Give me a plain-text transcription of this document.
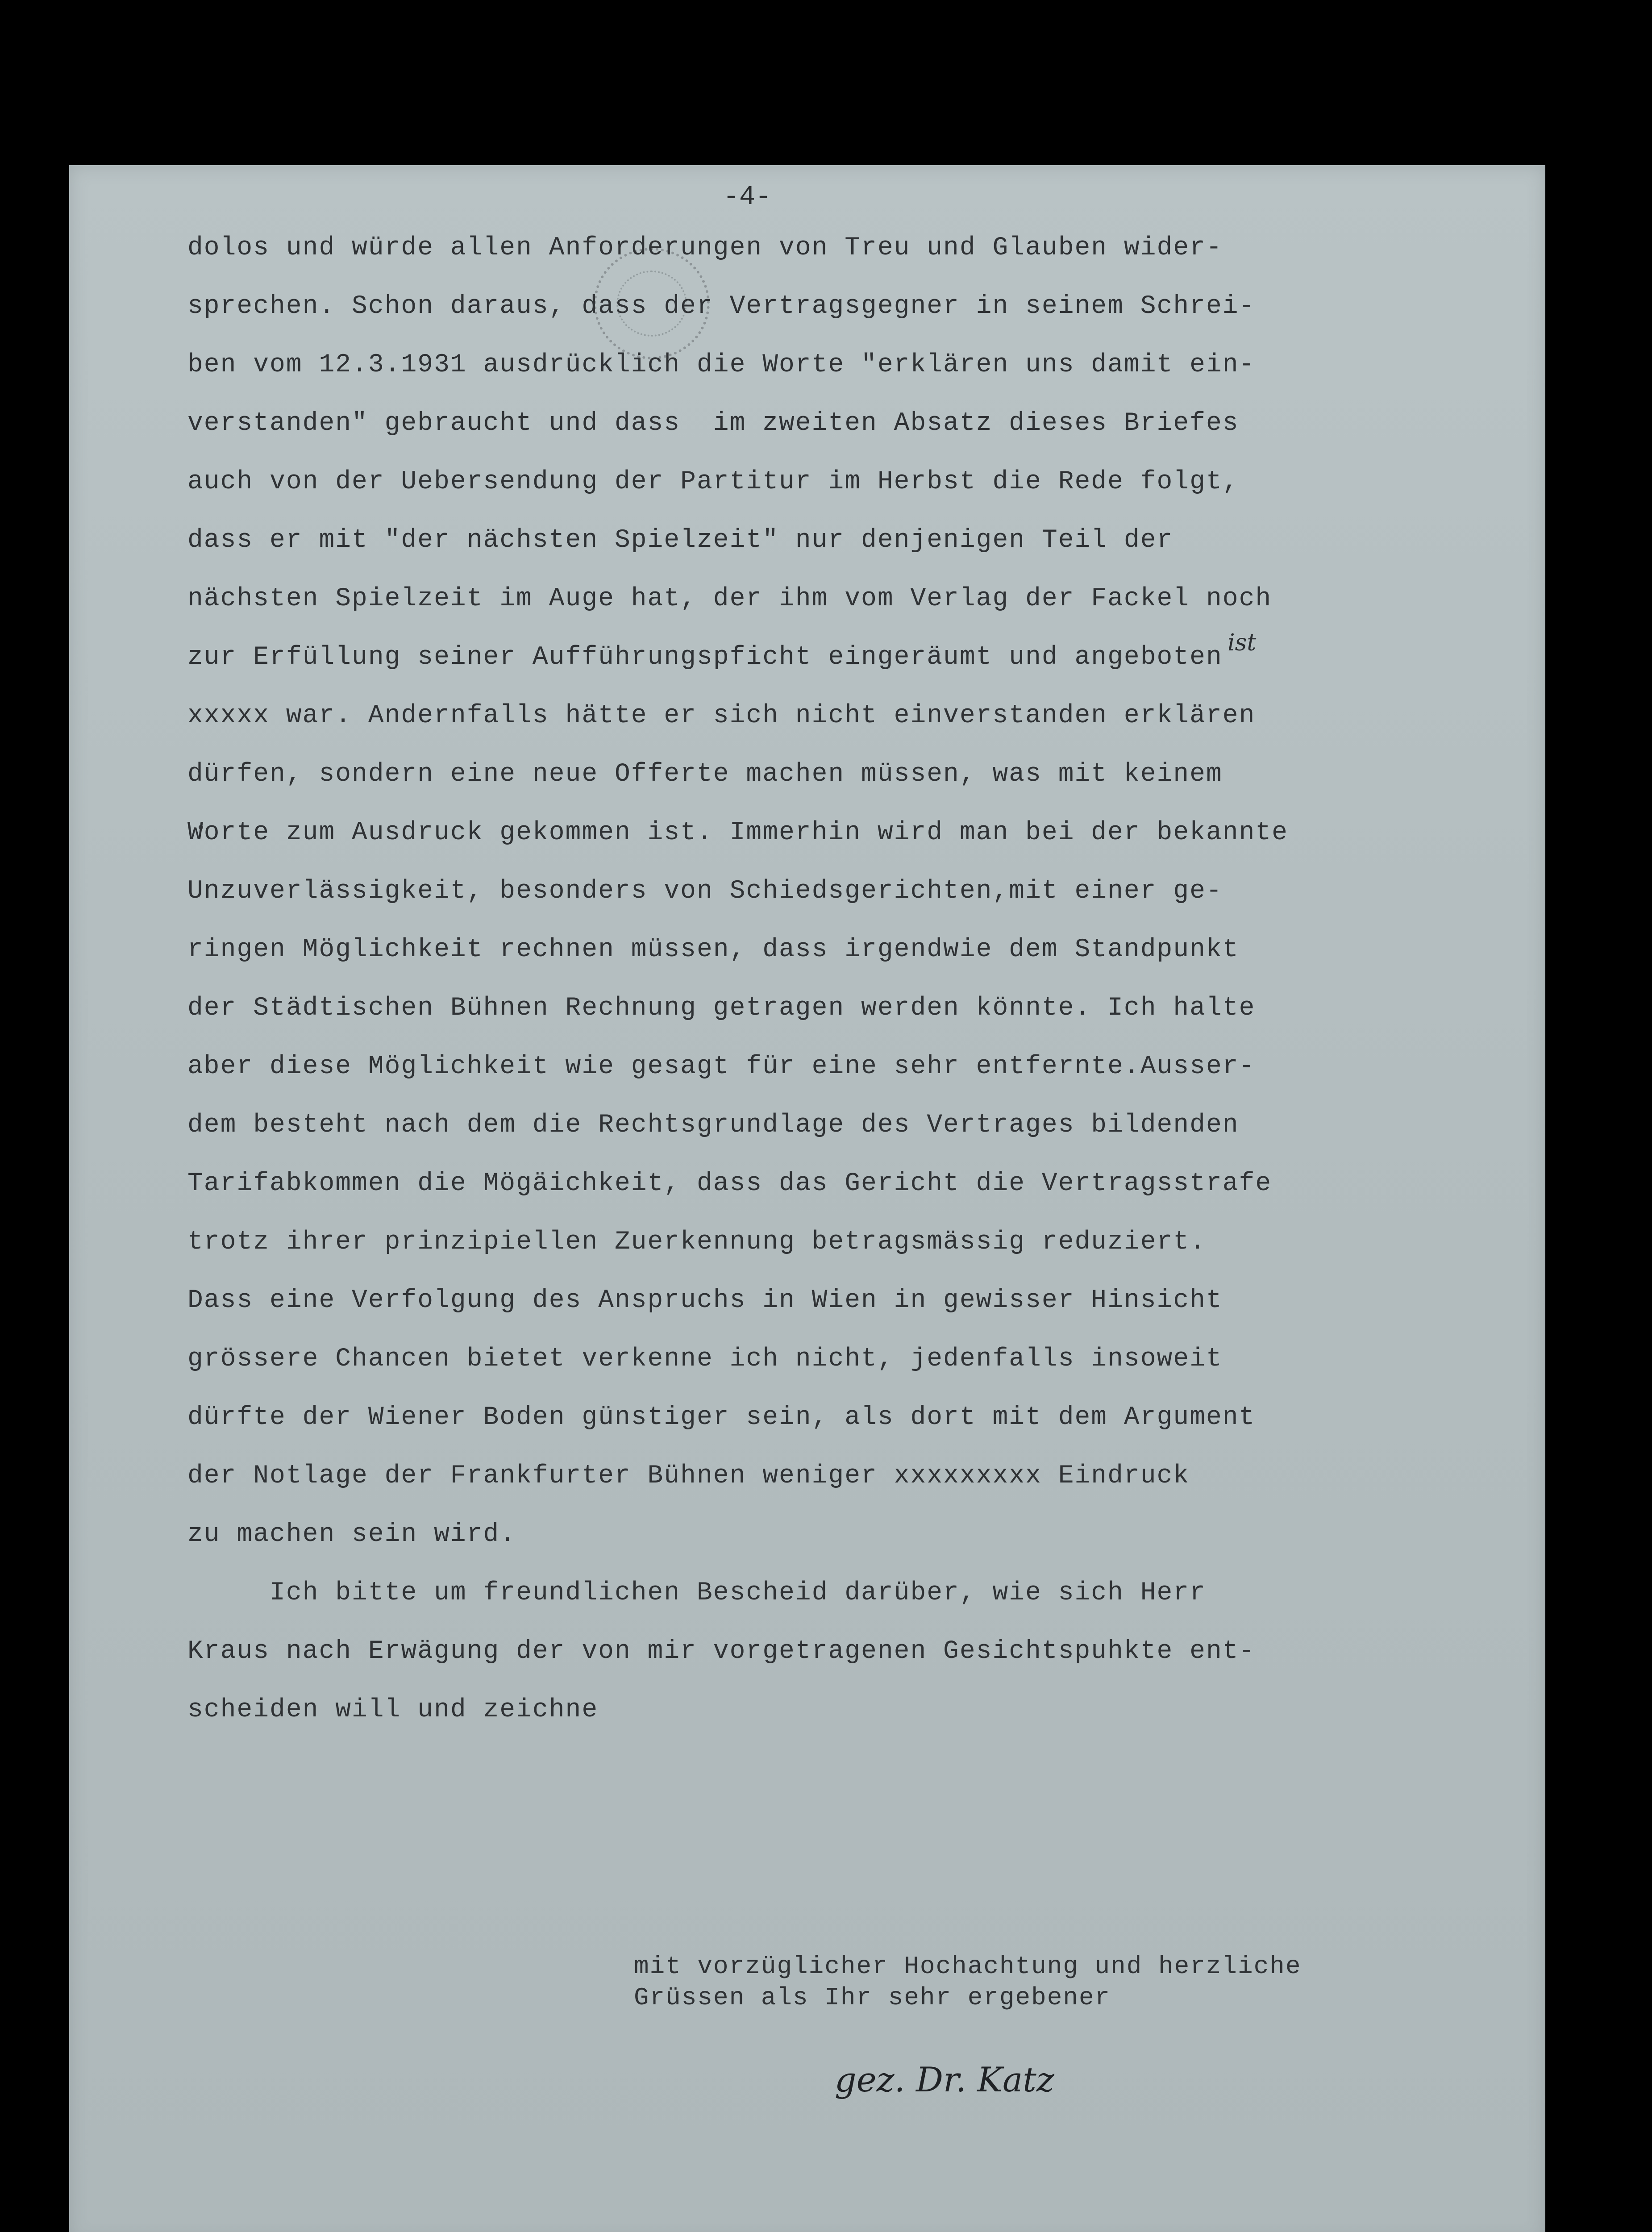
-4-
ist
dolos und würde allen Anforderungen von Treu und Glauben wider-
sprechen. Schon daraus, dass der Vertragsgegner in seinem Schrei-
ben vom 12.3.1931 ausdrücklich die Worte "erklären uns damit ein-
verstanden" gebraucht und dass  im zweiten Absatz dieses Briefes
auch von der Uebersendung der Partitur im Herbst die Rede folgt,
dass er mit "der nächsten Spielzeit" nur denjenigen Teil der
nächsten Spielzeit im Auge hat, der ihm vom Verlag der Fackel noch
zur Erfüllung seiner Aufführungspficht eingeräumt und angeboten
xxxxx war. Andernfalls hätte er sich nicht einverstanden erklären
dürfen, sondern eine neue Offerte machen müssen, was mit keinem
Worte zum Ausdruck gekommen ist. Immerhin wird man bei der bekannte
Unzuverlässigkeit, besonders von Schiedsgerichten,mit einer ge-
ringen Möglichkeit rechnen müssen, dass irgendwie dem Standpunkt
der Städtischen Bühnen Rechnung getragen werden könnte. Ich halte
aber diese Möglichkeit wie gesagt für eine sehr entfernte.Ausser-
dem besteht nach dem die Rechtsgrundlage des Vertrages bildenden
Tarifabkommen die Mögäichkeit, dass das Gericht die Vertragsstrafe
trotz ihrer prinzipiellen Zuerkennung betragsmässig reduziert.
Dass eine Verfolgung des Anspruchs in Wien in gewisser Hinsicht
grössere Chancen bietet verkenne ich nicht, jedenfalls insoweit
dürfte der Wiener Boden günstiger sein, als dort mit dem Argument
der Notlage der Frankfurter Bühnen weniger xxxxxxxxx Eindruck
zu machen sein wird.
Ich bitte um freundlichen Bescheid darüber, wie sich Herr
Kraus nach Erwägung der von mir vorgetragenen Gesichtspuhkte ent-
scheiden will und zeichne
mit vorzüglicher Hochachtung und herzliche
Grüssen als Ihr sehr ergebener
gez. Dr. Katz
